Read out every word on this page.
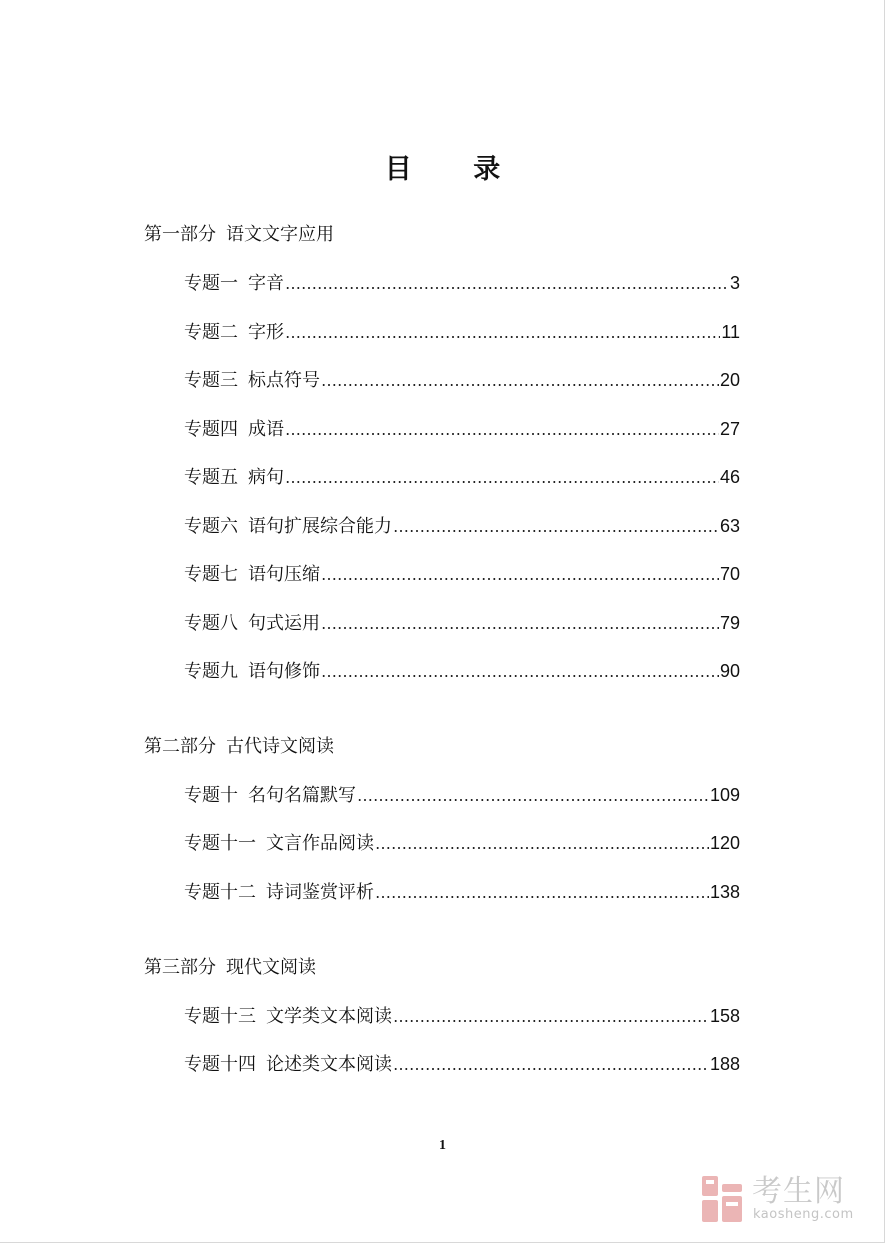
目 录
第一部分 语文文字应用
专题一 字音 …………………………………………………………………………………………………………………………………………	3
专题二 字形 …………………………………………………………………………………………………………………………………………	11
专题三 标点符号 …………………………………………………………………………………………………………………………………………	20
专题四 成语 …………………………………………………………………………………………………………………………………………	27
专题五 病句 …………………………………………………………………………………………………………………………………………	46
专题六 语句扩展综合能力 …………………………………………………………………………………………………………………………………………	63
专题七 语句压缩 …………………………………………………………………………………………………………………………………………	70
专题八 句式运用 …………………………………………………………………………………………………………………………………………	79
专题九 语句修饰 …………………………………………………………………………………………………………………………………………	90
第二部分 古代诗文阅读
专题十 名句名篇默写 …………………………………………………………………………………………………………………………………………	109
专题十一 文言作品阅读 …………………………………………………………………………………………………………………………………………	120
专题十二 诗词鉴赏评析 …………………………………………………………………………………………………………………………………………	138
第三部分 现代文阅读
专题十三 文学类文本阅读 …………………………………………………………………………………………………………………………………………	158
专题十四 论述类文本阅读 …………………………………………………………………………………………………………………………………………	188
1
考生网
kaosheng.com
